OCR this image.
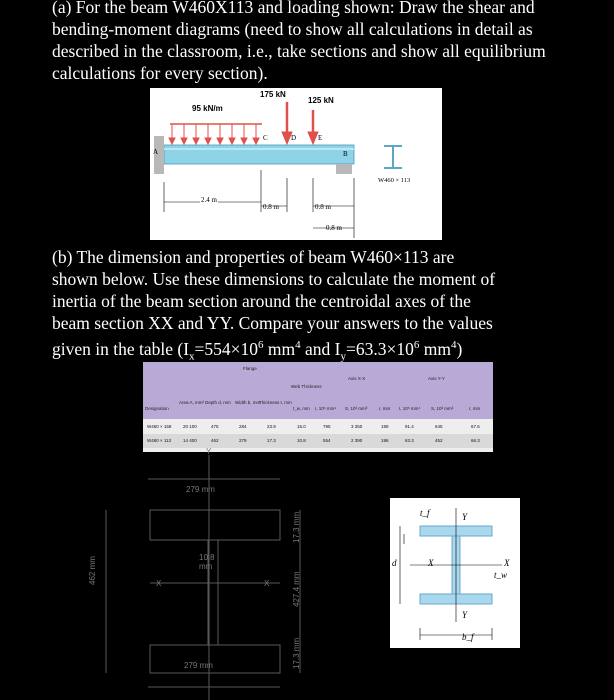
(a) For the beam W460X113 and loading shown: Draw the shear and bending-moment diagrams (need to show all calculations in detail as described in the classroom, i.e., take sections and show all equilibrium calculations for every section).
95 kN/m
175 kN
125 kN
A	B
C	D	E
W460 × 113
2.4 m
0.8 m	0.8 m
0.8 m
(b) The dimension and properties of beam W460×113 are
shown below. Use these dimensions to calculate the moment of
inertia of the beam section around the centroidal axes of the
beam section XX and YY. Compare your answers to the values
given in the table ($I_x=554\times 10^6$ $mm^4$ and $I_y=63.3\times 10^6$ $mm^4$)
Flange
Web Thickness
Axis X-X	Axis Y-Y
Designation
Area A, mm² Depth d, mm Width b, mm
Thickness t, mm
t_w, mm I, 10⁶ mm⁴ S, 10³ mm³	r, mm I, 10⁶ mm⁴ S, 10³ mm³	r, mm
W460 × 158	20 100	475	284	23.9	15.0	795	3 350	199	91.4	645	67.6
W460 × 113	14 400	462	279	17.3	10.8	554	2 390	196	63.3	452	66.3
279 mm
279 mm
462 mm	10.8 mm
17.3 mm
427.4 mm
17.3 mm
X	X
Y
t_f	Y
Y
X	X
d
t_w
b_f
